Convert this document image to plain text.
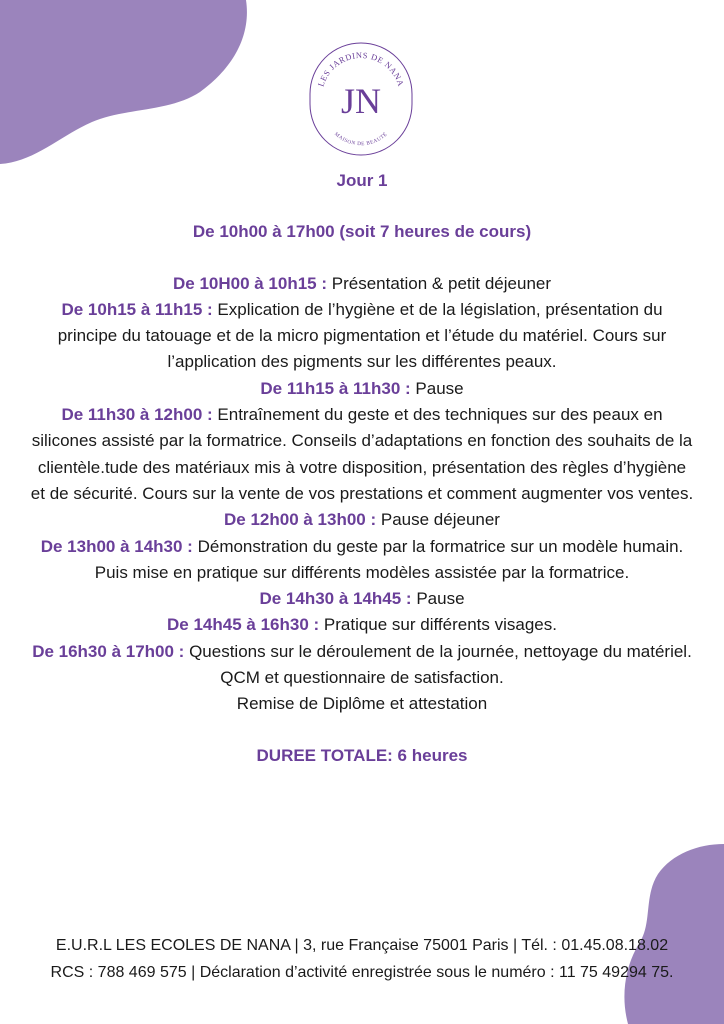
LES JARDINS DE NANA
JN
MAISON DE BEAUTÉ
Jour 1
De 10h00 à 17h00 (soit 7 heures de cours)
De 10H00 à 10h15 : Présentation & petit déjeuner
De 10h15 à 11h15 : Explication de l’hygiène et de la législation, présentation du principe du tatouage et de la micro pigmentation et l’étude du matériel. Cours sur l’application des pigments sur les différentes peaux.
De 11h15 à 11h30 : Pause
De 11h30 à 12h00 : Entraînement du geste et des techniques sur des peaux en silicones assisté par la formatrice. Conseils d’adaptations en fonction des souhaits de la clientèle.tude des matériaux mis à votre disposition, présentation des règles d’hygiène et de sécurité. Cours sur la vente de vos prestations et comment augmenter vos ventes.
De 12h00 à 13h00 : Pause déjeuner
De 13h00 à 14h30 : Démonstration du geste par la formatrice sur un modèle humain. Puis mise en pratique sur différents modèles assistée par la formatrice.
De 14h30 à 14h45 : Pause
De 14h45 à 16h30 : Pratique sur différents visages.
De 16h30 à 17h00 : Questions sur le déroulement de la journée, nettoyage du matériel. QCM et questionnaire de satisfaction.
Remise de Diplôme et attestation
DUREE TOTALE: 6 heures
E.U.R.L LES ECOLES DE NANA | 3, rue Française 75001 Paris | Tél. : 01.45.08.18.02 RCS : 788 469 575 | Déclaration d’activité enregistrée sous le numéro : 11 75 49294 75.
